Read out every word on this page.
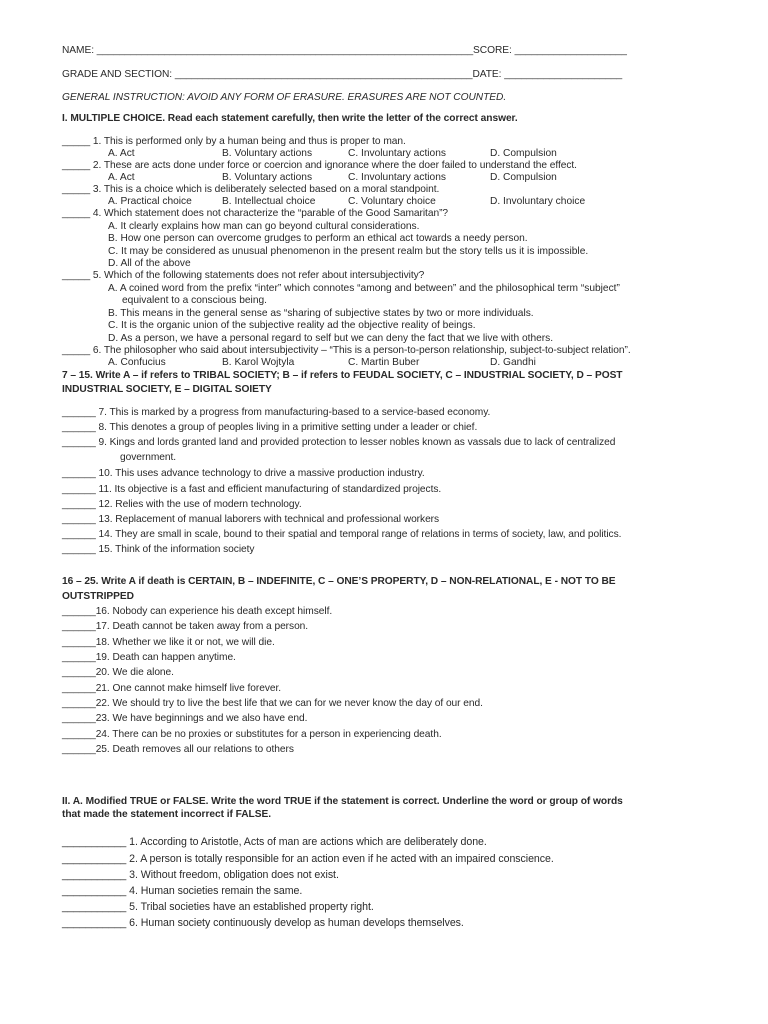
NAME: ___________________________________________________________________SCORE: ____________________
GRADE AND SECTION: _____________________________________________________DATE: _____________________
GENERAL INSTRUCTION: AVOID ANY FORM OF ERASURE. ERASURES ARE NOT COUNTED.
I. MULTIPLE CHOICE. Read each statement carefully, then write the letter of the correct answer.
_____ 1. This is performed only by a human being and thus is proper to man.
A. Act	B. Voluntary actions	C. Involuntary actions	D. Compulsion
_____ 2. These are acts done under force or coercion and ignorance where the doer failed to understand the effect.
A. Act	B. Voluntary actions	C. Involuntary actions	D. Compulsion
_____ 3. This is a choice which is deliberately selected based on a moral standpoint.
A. Practical choice	B. Intellectual choice	C. Voluntary choice	D. Involuntary choice
_____ 4. Which statement does not characterize the “parable of the Good Samaritan”?
A. It clearly explains how man can go beyond cultural considerations.
B. How one person can overcome grudges to perform an ethical act towards a needy person.
C. It may be considered as unusual phenomenon in the present realm but the story tells us it is impossible.
D. All of the above
_____ 5. Which of the following statements does not refer about intersubjectivity?
A. A coined word from the prefix “inter” which connotes “among and between” and the philosophical term “subject”
equivalent to a conscious being.
B. This means in the general sense as “sharing of subjective states by two or more individuals.
C. It is the organic union of the subjective reality ad the objective reality of beings.
D. As a person, we have a personal regard to self but we can deny the fact that we live with others.
_____ 6. The philosopher who said about intersubjectivity – “This is a person-to-person relationship, subject-to-subject relation”.
A. Confucius	B. Karol Wojtyla	C. Martin Buber	D. Gandhi
7 – 15. Write A – if refers to TRIBAL SOCIETY; B – if refers to FEUDAL SOCIETY, C – INDUSTRIAL SOCIETY, D – POST
INDUSTRIAL SOCIETY, E – DIGITAL SOIETY
______ 7. This is marked by a progress from manufacturing-based to a service-based economy.
______ 8. This denotes a group of peoples living in a primitive setting under a leader or chief.
______ 9. Kings and lords granted land and provided protection to lesser nobles known as vassals due to lack of centralized
government.
______ 10. This uses advance technology to drive a massive production industry.
______ 11. Its objective is a fast and efficient manufacturing of standardized projects.
______ 12. Relies with the use of modern technology.
______ 13. Replacement of manual laborers with technical and professional workers
______ 14. They are small in scale, bound to their spatial and temporal range of relations in terms of society, law, and politics.
______ 15. Think of the information society
16 – 25. Write A if death is CERTAIN, B – INDEFINITE, C – ONE’S PROPERTY, D – NON-RELATIONAL, E - NOT TO BE
OUTSTRIPPED
______16. Nobody can experience his death except himself.
______17. Death cannot be taken away from a person.
______18. Whether we like it or not, we will die.
______19. Death can happen anytime.
______20. We die alone.
______21. One cannot make himself live forever.
______22. We should try to live the best life that we can for we never know the day of our end.
______23. We have beginnings and we also have end.
______24. There can be no proxies or substitutes for a person in experiencing death.
______25. Death removes all our relations to others
II. A. Modified TRUE or FALSE. Write the word TRUE if the statement is correct. Underline the word or group of words
that made the statement incorrect if FALSE.
___________ 1. According to Aristotle, Acts of man are actions which are deliberately done.
___________ 2. A person is totally responsible for an action even if he acted with an impaired conscience.
___________ 3. Without freedom, obligation does not exist.
___________ 4. Human societies remain the same.
___________ 5. Tribal societies have an established property right.
___________ 6. Human society continuously develop as human develops themselves.
